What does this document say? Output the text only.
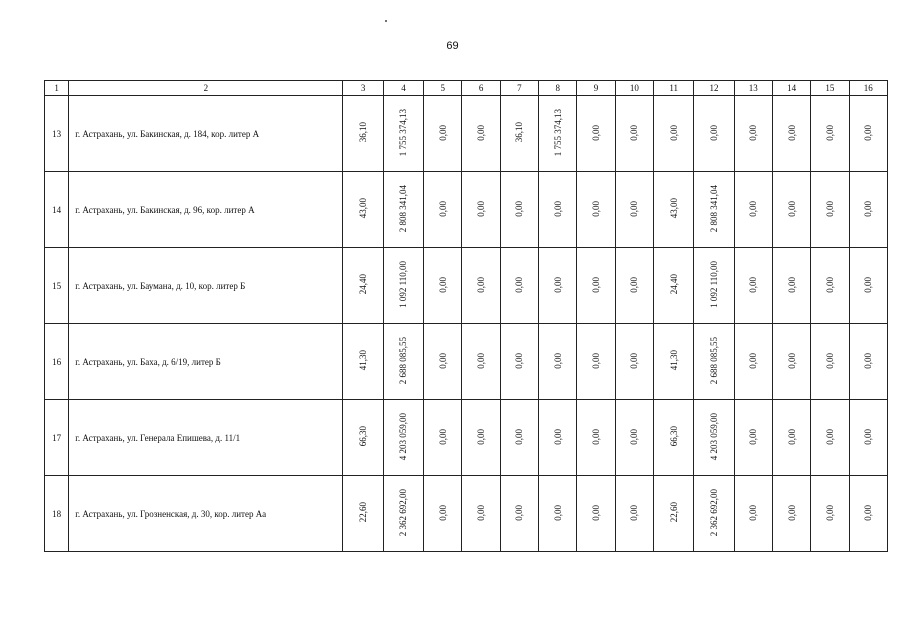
69
1	2	3	4	5	6	7	8	9	10	11	12	13	14	15	16
13	г. Астрахань, ул. Бакинская, д. 184, кор. литер А	36,10	1 755 374,13	0,00	0,00	36,10	1 755 374,13	0,00	0,00	0,00	0,00	0,00	0,00	0,00	0,00
14	г. Астрахань, ул. Бакинская, д. 96, кор. литер А	43,00	2 808 341,04	0,00	0,00	0,00	0,00	0,00	0,00	43,00	2 808 341,04	0,00	0,00	0,00	0,00
15	г. Астрахань, ул. Баумана, д. 10, кор. литер Б	24,40	1 092 110,00	0,00	0,00	0,00	0,00	0,00	0,00	24,40	1 092 110,00	0,00	0,00	0,00	0,00
16	г. Астрахань, ул. Баха, д. 6/19, литер Б	41,30	2 688 085,55	0,00	0,00	0,00	0,00	0,00	0,00	41,30	2 688 085,55	0,00	0,00	0,00	0,00
17	г. Астрахань, ул. Генерала Епишева, д. 11/1	66,30	4 203 059,00	0,00	0,00	0,00	0,00	0,00	0,00	66,30	4 203 059,00	0,00	0,00	0,00	0,00
18	г. Астрахань, ул. Грозненская, д. 30, кор. литер Аа	22,60	2 362 692,00	0,00	0,00	0,00	0,00	0,00	0,00	22,60	2 362 692,00	0,00	0,00	0,00	0,00
